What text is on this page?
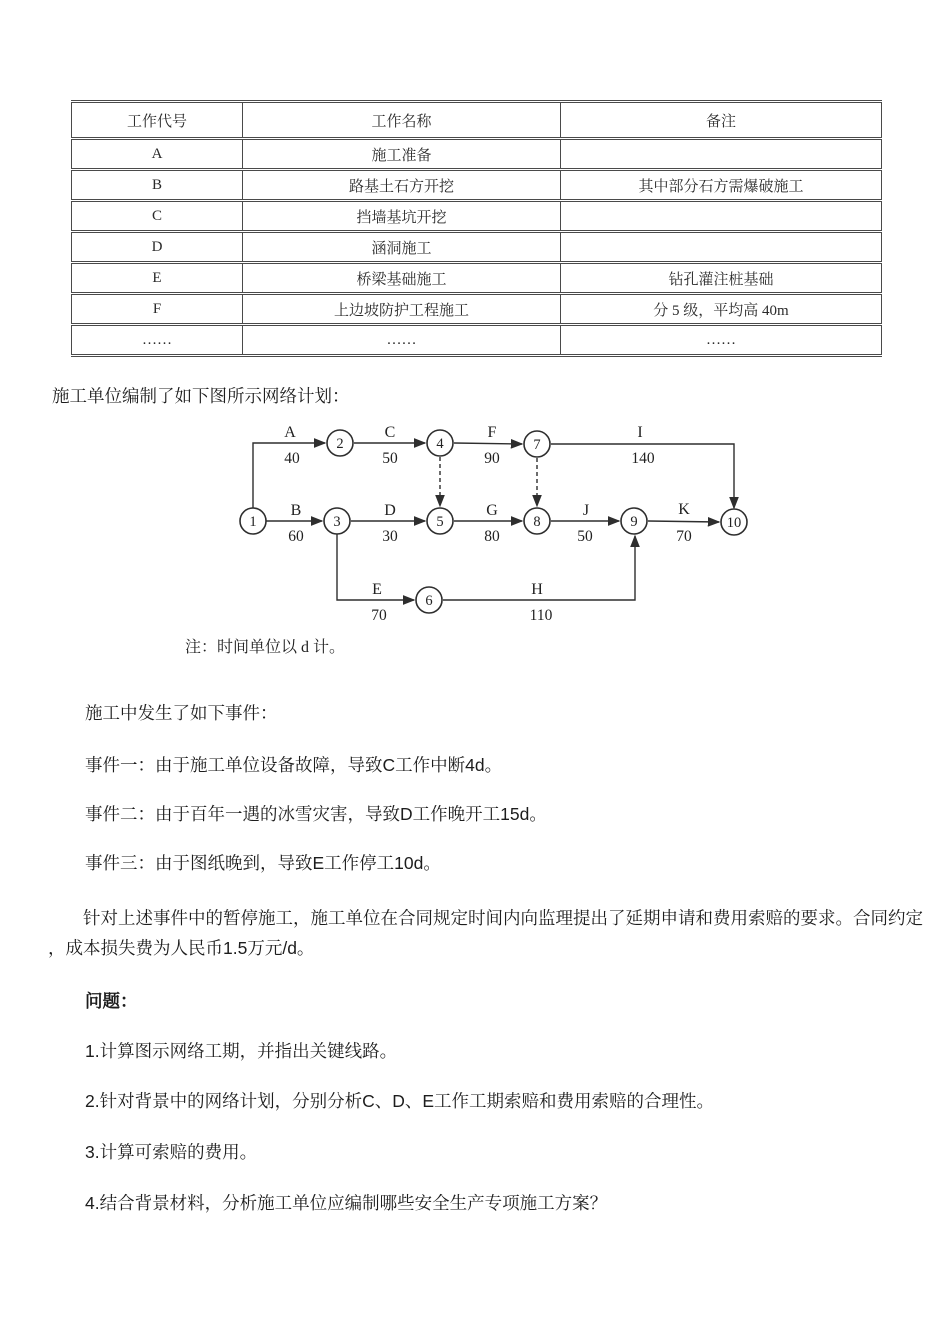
工作代号	工作名称	备注
A	施工准备	
B	路基土石方开挖	其中部分石方需爆破施工
C	挡墙基坑开挖	
D	涵洞施工	
E	桥梁基础施工	钻孔灌注桩基础
F	上边坡防护工程施工	分 5 级，平均高 40m
……	……	……
施工单位编制了如下图所示网络计划：
A
40
B
60
C
50
D
30
E
70
F
90
G
80
H
110
I
140
J
50
K
70
1
2
3
4
5
6
7
8	9	10
注：时间单位以 d 计。
施工中发生了如下事件：
事件一：由于施工单位设备故障，导致C工作中断4d。
事件二：由于百年一遇的冰雪灾害，导致D工作晚开工15d。
事件三：由于图纸晚到，导致E工作停工10d。
针对上述事件中的暂停施工，施工单位在合同规定时间内向监理提出了延期申请和费用索赔的要求。合同约定
，成本损失费为人民币1.5万元/d。
问题：
1.计算图示网络工期，并指出关键线路。
2.针对背景中的网络计划，分别分析C、D、E工作工期索赔和费用索赔的合理性。
3.计算可索赔的费用。
4.结合背景材料，分析施工单位应编制哪些安全生产专项施工方案？
